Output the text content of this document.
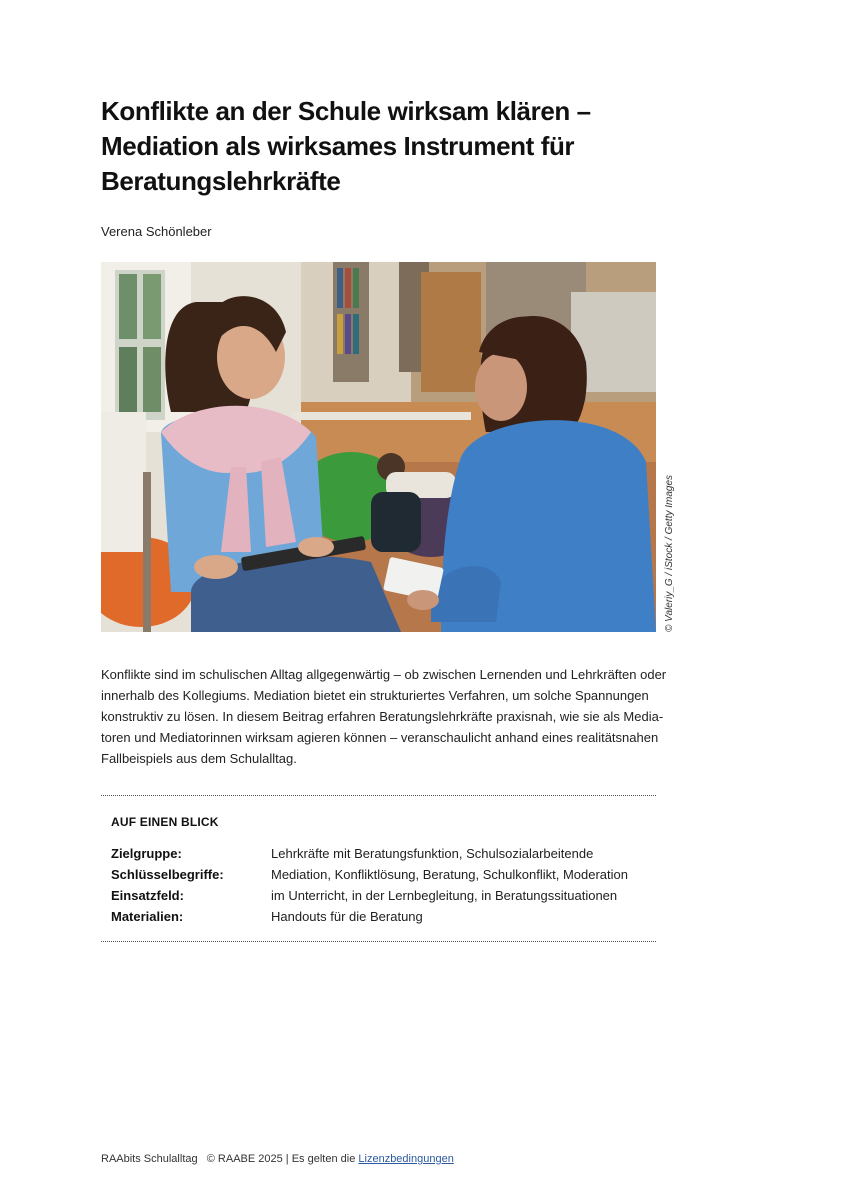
Konflikte an der Schule wirksam klären –
Mediation als wirksames Instrument für
Beratungslehrkräfte
Verena Schönleber
© Valeriy_G / iStock / Getty Images

Konflikte sind im schulischen Alltag allgegenwärtig – ob zwischen Lernenden und Lehrkräften oder
innerhalb des Kollegiums. Mediation bietet ein strukturiertes Verfahren, um solche Spannungen
konstruktiv zu lösen. In diesem Beitrag erfahren Beratungslehrkräfte praxisnah, wie sie als Media-
toren und Mediatorinnen wirksam agieren können – veranschaulicht anhand eines realitätsnahen
Fallbeispiels aus dem Schulalltag.

AUF EINEN BLICK
Zielgruppe:	Lehrkräfte mit Beratungsfunktion, Schulsozialarbeitende
Schlüsselbegriffe:	Mediation, Konfliktlösung, Beratung, Schulkonflikt, Moderation
Einsatzfeld:	im Unterricht, in der Lernbegleitung, in Beratungssituationen
Materialien:	Handouts für die Beratung
RAAbits Schulalltag   © RAABE 2025 | Es gelten die Lizenzbedingungen
